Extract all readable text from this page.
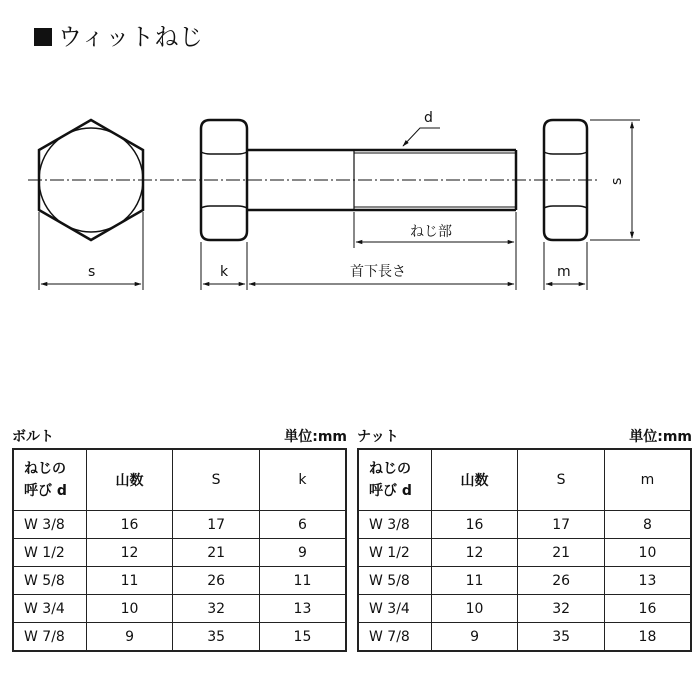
ウィットねじ
s
d
ねじ部
k	首下長さ
s
m
ボルト	単位:mm
ねじの
呼び d	山数	S	k
W 3/8	16	17	6
W 1/2	12	21	9
W 5/8	11	26	11
W 3/4	10	32	13
W 7/8	9	35	15
ナット	単位:mm
ねじの
呼び d	山数	S	m
W 3/8	16	17	8
W 1/2	12	21	10
W 5/8	11	26	13
W 3/4	10	32	16
W 7/8	9	35	18
